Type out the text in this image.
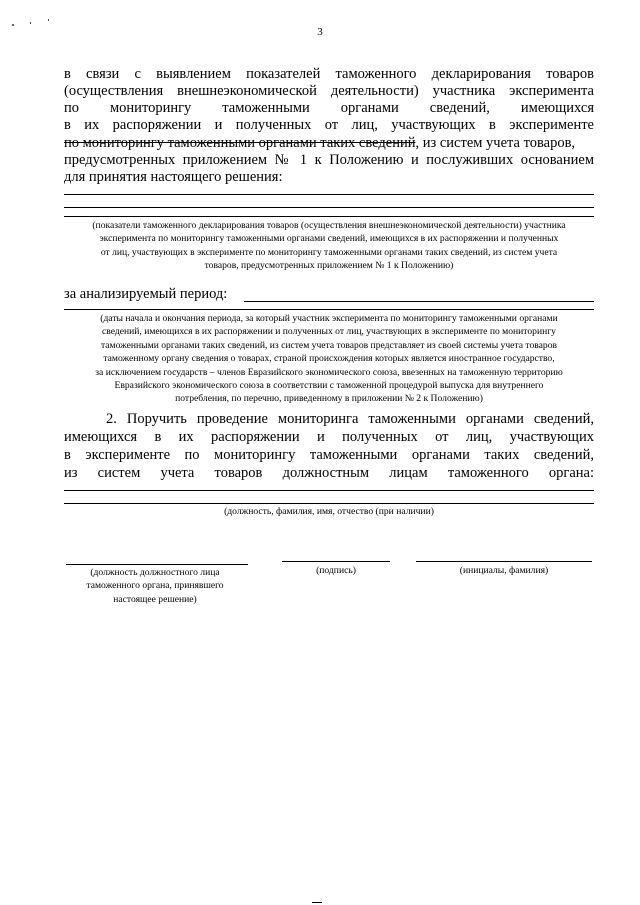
3
в связи с выявлением показателей таможенного декларирования товаров
(осуществления внешнеэкономической деятельности) участника эксперимента
по мониторингу таможенными органами сведений, имеющихся
в их распоряжении и полученных от лиц, участвующих в эксперименте
по мониторингу таможенными органами таких сведений, из систем учета товаров,
предусмотренных приложением № 1 к Положению и послуживших основанием
для принятия настоящего решения:
(показатели таможенного декларирования товаров (осуществления внешнеэкономической деятельности) участника
эксперимента по мониторингу таможенными органами сведений, имеющихся в их распоряжении и полученных
от лиц, участвующих в эксперименте по мониторингу таможенными органами таких сведений, из систем учета
товаров, предусмотренных приложением № 1 к Положению)
за анализируемый период:
(даты начала и окончания периода, за который участник эксперимента по мониторингу таможенными органами
сведений, имеющихся в их распоряжении и полученных от лиц, участвующих в эксперименте по мониторингу
таможенными органами таких сведений, из систем учета товаров представляет из своей системы учета товаров
таможенному органу сведения о товарах, страной происхождения которых является иностранное государство,
за исключением государств – членов Евразийского экономического союза, ввезенных на таможенную территорию
Евразийского экономического союза в соответствии с таможенной процедурой выпуска для внутреннего
потребления, по перечню, приведенному в приложении № 2 к Положению)
2. Поручить проведение мониторинга таможенными органами сведений,
имеющихся в их распоряжении и полученных от лиц, участвующих
в эксперименте по мониторингу таможенными органами таких сведений,
из систем учета товаров должностным лицам таможенного органа:
(должность, фамилия, имя, отчество (при наличии)
(должность должностного лица
таможенного органа, принявшего
настоящее решение)
(подпись)	(инициалы, фамилия)
